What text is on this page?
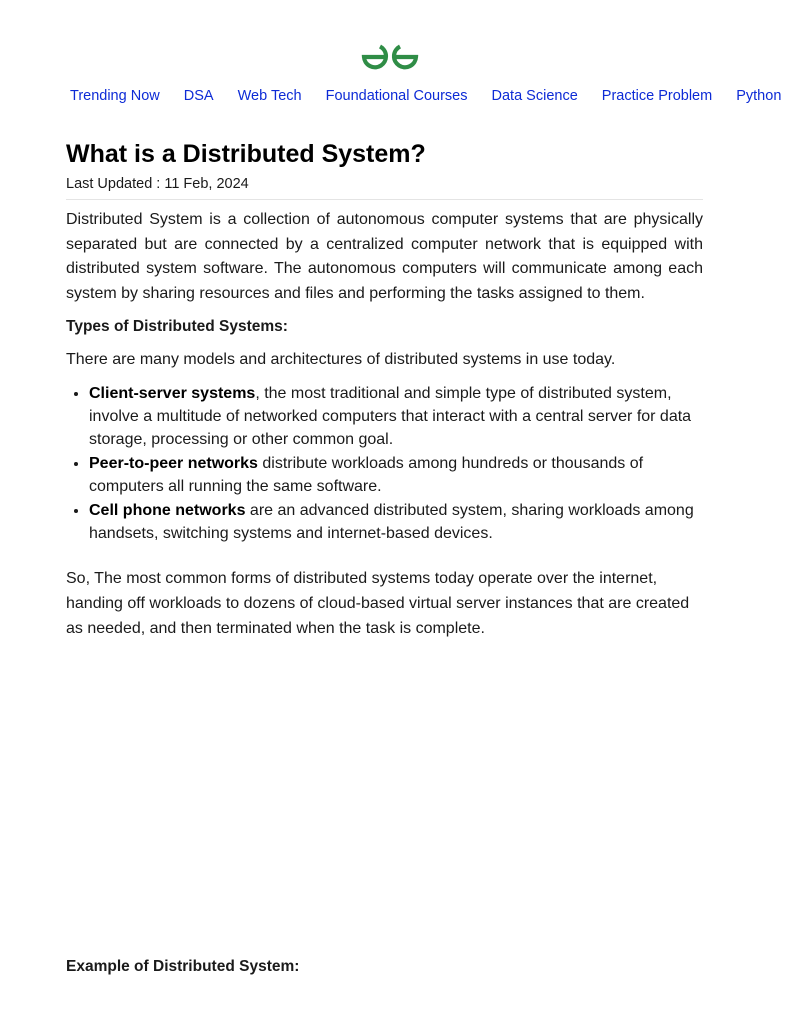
Trending Now DSA Web Tech Foundational Courses Data Science Practice Problem Python
What is a Distributed System?
Last Updated : 11 Feb, 2024

Distributed System is a collection of autonomous computer systems that are physically separated but are connected by a centralized computer network that is equipped with distributed system software. The autonomous computers will communicate among each system by sharing resources and files and performing the tasks assigned to them.

Types of Distributed Systems:

There are many models and architectures of distributed systems in use today.

• Client-server systems, the most traditional and simple type of distributed system, involve a multitude of networked computers that interact with a central server for data storage, processing or other common goal.
• Peer-to-peer networks distribute workloads among hundreds or thousands of computers all running the same software.
• Cell phone networks are an advanced distributed system, sharing workloads among handsets, switching systems and internet-based devices.

So, The most common forms of distributed systems today operate over the internet, handing off workloads to dozens of cloud-based virtual server instances that are created as needed, and then terminated when the task is complete.

Example of Distributed System:
